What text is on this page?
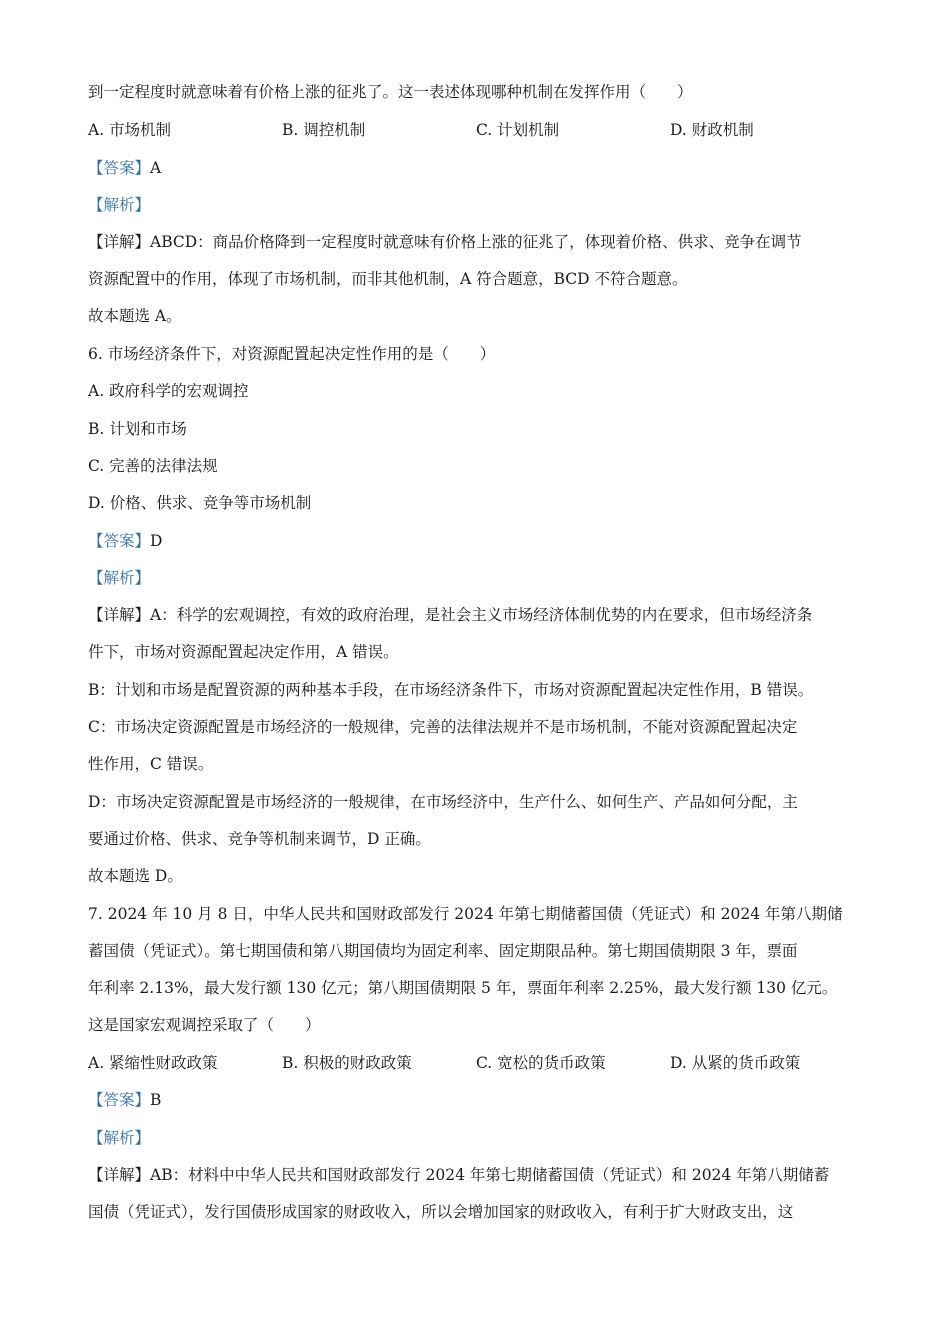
到一定程度时就意味着有价格上涨的征兆了。这一表述体现哪种机制在发挥作用（　　）
A. 市场机制	B. 调控机制	C. 计划机制	D. 财政机制
【答案】A
【解析】
【详解】ABCD：商品价格降到一定程度时就意味有价格上涨的征兆了，体现着价格、供求、竞争在调节
资源配置中的作用，体现了市场机制，而非其他机制，A 符合题意，BCD 不符合题意。
故本题选 A。
6. 市场经济条件下，对资源配置起决定性作用的是（　　）
A. 政府科学的宏观调控
B. 计划和市场
C. 完善的法律法规
D. 价格、供求、竞争等市场机制
【答案】D
【解析】
【详解】A：科学的宏观调控，有效的政府治理，是社会主义市场经济体制优势的内在要求，但市场经济条
件下，市场对资源配置起决定作用，A 错误。
B：计划和市场是配置资源的两种基本手段，在市场经济条件下，市场对资源配置起决定性作用，B 错误。
C：市场决定资源配置是市场经济的一般规律，完善的法律法规并不是市场机制，不能对资源配置起决定
性作用，C 错误。
D：市场决定资源配置是市场经济的一般规律，在市场经济中，生产什么、如何生产、产品如何分配，主
要通过价格、供求、竞争等机制来调节，D 正确。
故本题选 D。
7. 2024 年 10 月 8 日，中华人民共和国财政部发行 2024 年第七期储蓄国债（凭证式）和 2024 年第八期储
蓄国债（凭证式）。第七期国债和第八期国债均为固定利率、固定期限品种。第七期国债期限 3 年，票面
年利率 2.13%，最大发行额 130 亿元；第八期国债期限 5 年，票面年利率 2.25%，最大发行额 130 亿元。
这是国家宏观调控采取了（　　）
A. 紧缩性财政政策	B. 积极的财政政策	C. 宽松的货币政策	D. 从紧的货币政策
【答案】B
【解析】
【详解】AB：材料中中华人民共和国财政部发行 2024 年第七期储蓄国债（凭证式）和 2024 年第八期储蓄
国债（凭证式），发行国债形成国家的财政收入，所以会增加国家的财政收入，有利于扩大财政支出，这
